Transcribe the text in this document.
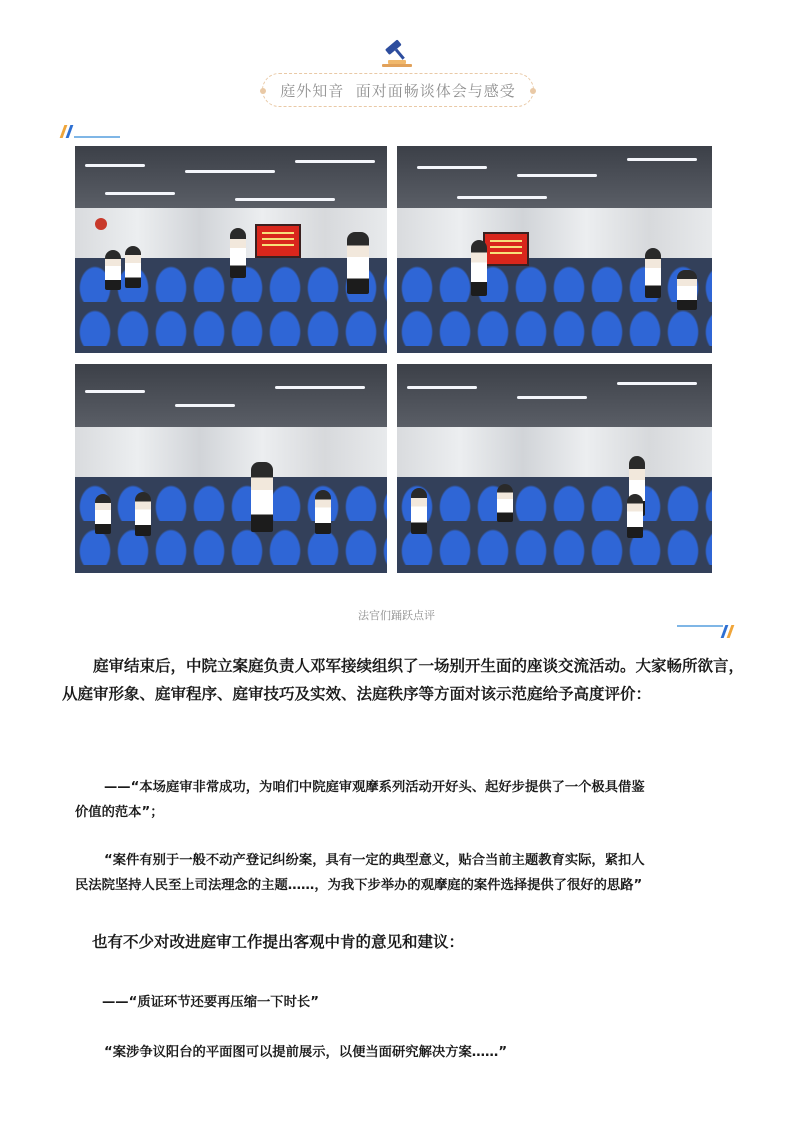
庭外知音  面对面畅谈体会与感受
法官们踊跃点评
庭审结束后，中院立案庭负责人邓军接续组织了一场别开生面的座谈交流活动。大家畅所欲言，从庭审形象、庭审程序、庭审技巧及实效、法庭秩序等方面对该示范庭给予高度评价：
——“本场庭审非常成功，为咱们中院庭审观摩系列活动开好头、起好步提供了一个极具借鉴
价值的范本”；
“案件有别于一般不动产登记纠纷案，具有一定的典型意义，贴合当前主题教育实际，紧扣人
民法院坚持人民至上司法理念的主题……，为我下步举办的观摩庭的案件选择提供了很好的思路”
也有不少对改进庭审工作提出客观中肯的意见和建议：
——“质证环节还要再压缩一下时长”
“案涉争议阳台的平面图可以提前展示，以便当面研究解决方案……”
